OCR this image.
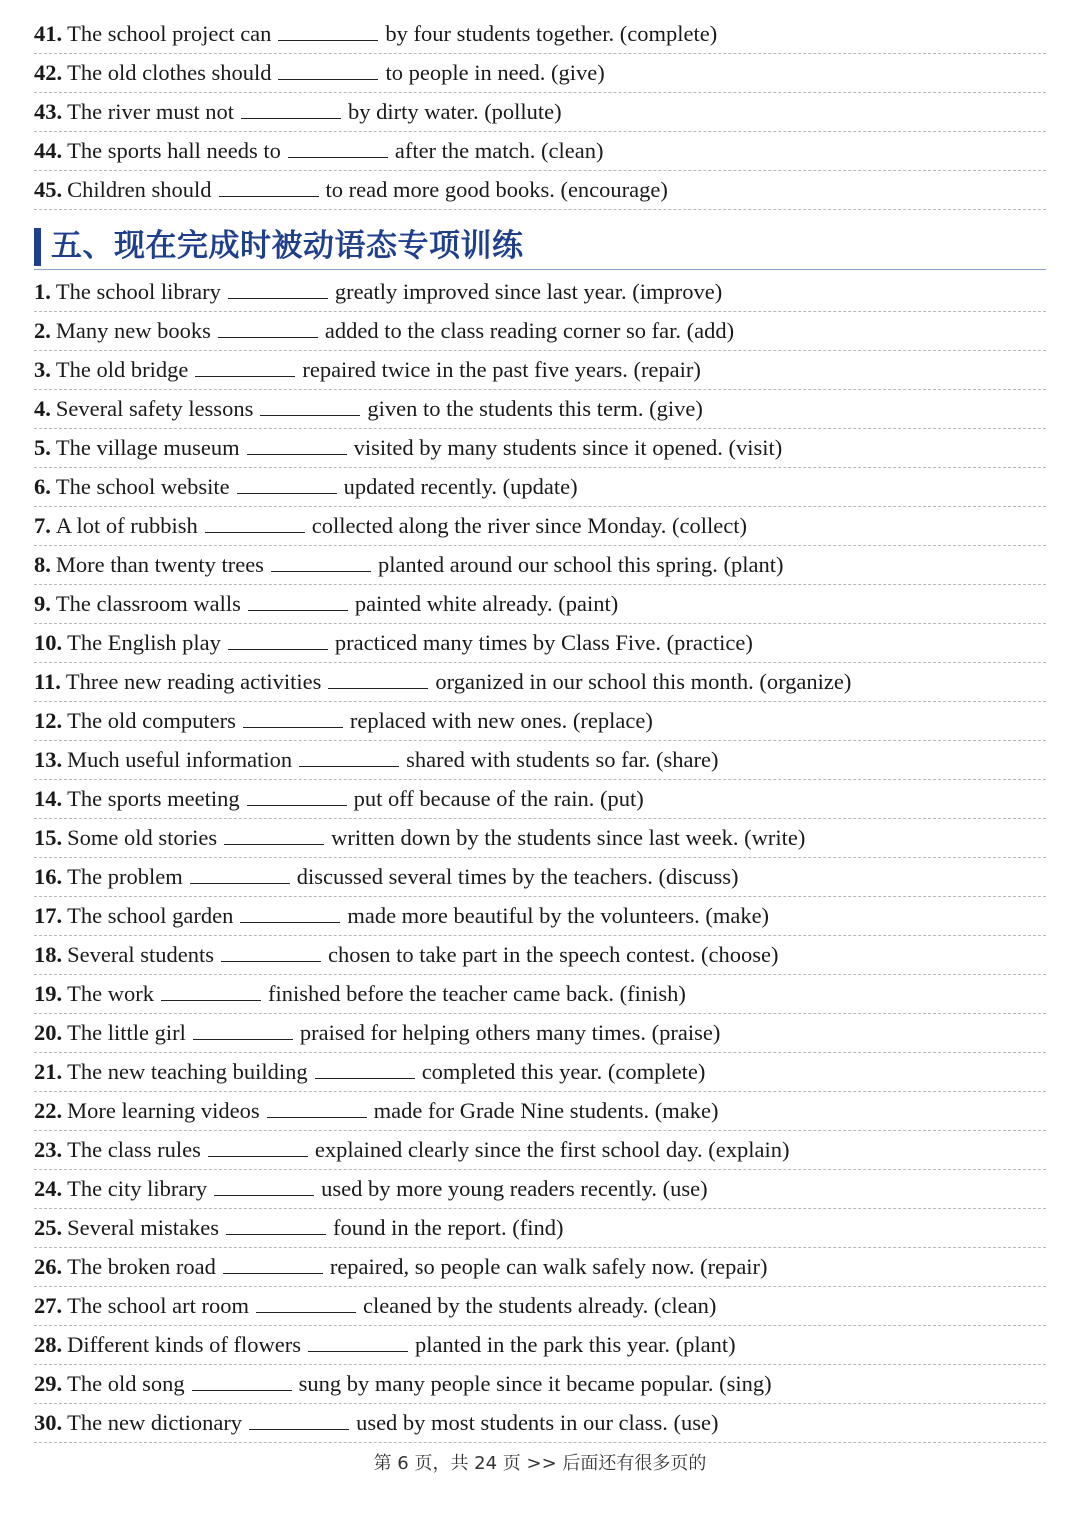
41. The school project can	by four students together. (complete)
42. The old clothes should	to people in need. (give)
43. The river must not	by dirty water. (pollute)
44. The sports hall needs to	after the match. (clean)
45. Children should	to read more good books. (encourage)
五、现在完成时被动语态专项训练
1. The school library	greatly improved since last year. (improve)
2. Many new books	added to the class reading corner so far. (add)
3. The old bridge	repaired twice in the past five years. (repair)
4. Several safety lessons	given to the students this term. (give)
5. The village museum	visited by many students since it opened. (visit)
6. The school website	updated recently. (update)
7. A lot of rubbish	collected along the river since Monday. (collect)
8. More than twenty trees	planted around our school this spring. (plant)
9. The classroom walls	painted white already. (paint)
10. The English play	practiced many times by Class Five. (practice)
11. Three new reading activities	organized in our school this month. (organize)
12. The old computers	replaced with new ones. (replace)
13. Much useful information	shared with students so far. (share)
14. The sports meeting	put off because of the rain. (put)
15. Some old stories	written down by the students since last week. (write)
16. The problem	discussed several times by the teachers. (discuss)
17. The school garden	made more beautiful by the volunteers. (make)
18. Several students	chosen to take part in the speech contest. (choose)
19. The work	finished before the teacher came back. (finish)
20. The little girl	praised for helping others many times. (praise)
21. The new teaching building	completed this year. (complete)
22. More learning videos	made for Grade Nine students. (make)
23. The class rules	explained clearly since the first school day. (explain)
24. The city library	used by more young readers recently. (use)
25. Several mistakes	found in the report. (find)
26. The broken road	repaired, so people can walk safely now. (repair)
27. The school art room	cleaned by the students already. (clean)
28. Different kinds of flowers	planted in the park this year. (plant)
29. The old song	sung by many people since it became popular. (sing)
30. The new dictionary	used by most students in our class. (use)
第 6 页，共 24 页 >> 后面还有很多页的
